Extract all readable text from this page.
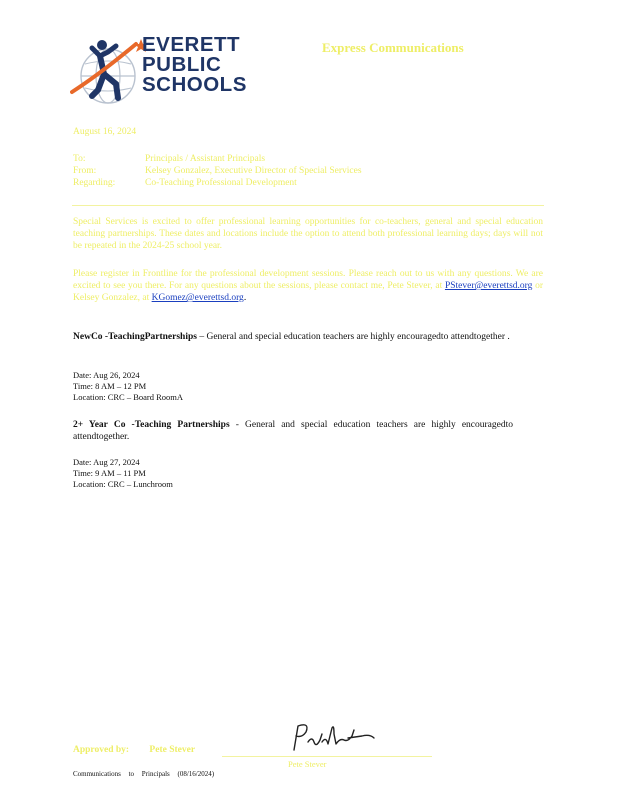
EVERETT
PUBLIC
SCHOOLS
Express Communications
August 16, 2024
To:	Principals / Assistant Principals
From:	Kelsey Gonzalez, Executive Director of Special Services
Regarding:	Co-Teaching Professional Development
Special Services is excited to offer professional learning opportunities for co-teachers, general and special education teaching partnerships. These dates and locations include the option to attend both professional learning days; days will not be repeated in the 2024-25 school year.
Please register in Frontline for the professional development sessions. Please reach out to us with any questions. We are excited to see you there. For any questions about the sessions, please contact me, Pete Stever, at PStever@everettsd.org or Kelsey Gonzalez, at KGomez@everettsd.org.
NewCo -TeachingPartnerships – General and special education teachers are highly encouragedto attendtogether .
Date: Aug 26, 2024
Time: 8 AM – 12 PM
Location: CRC – Board RoomA
2+ Year Co -Teaching Partnerships - General and special education teachers are highly encouragedto attendtogether.
Date: Aug 27, 2024
Time: 9 AM – 11 PM
Location: CRC – Lunchroom
Approved by: Pete Stever
Pete Stever
Communications to Principals (08/16/2024)
